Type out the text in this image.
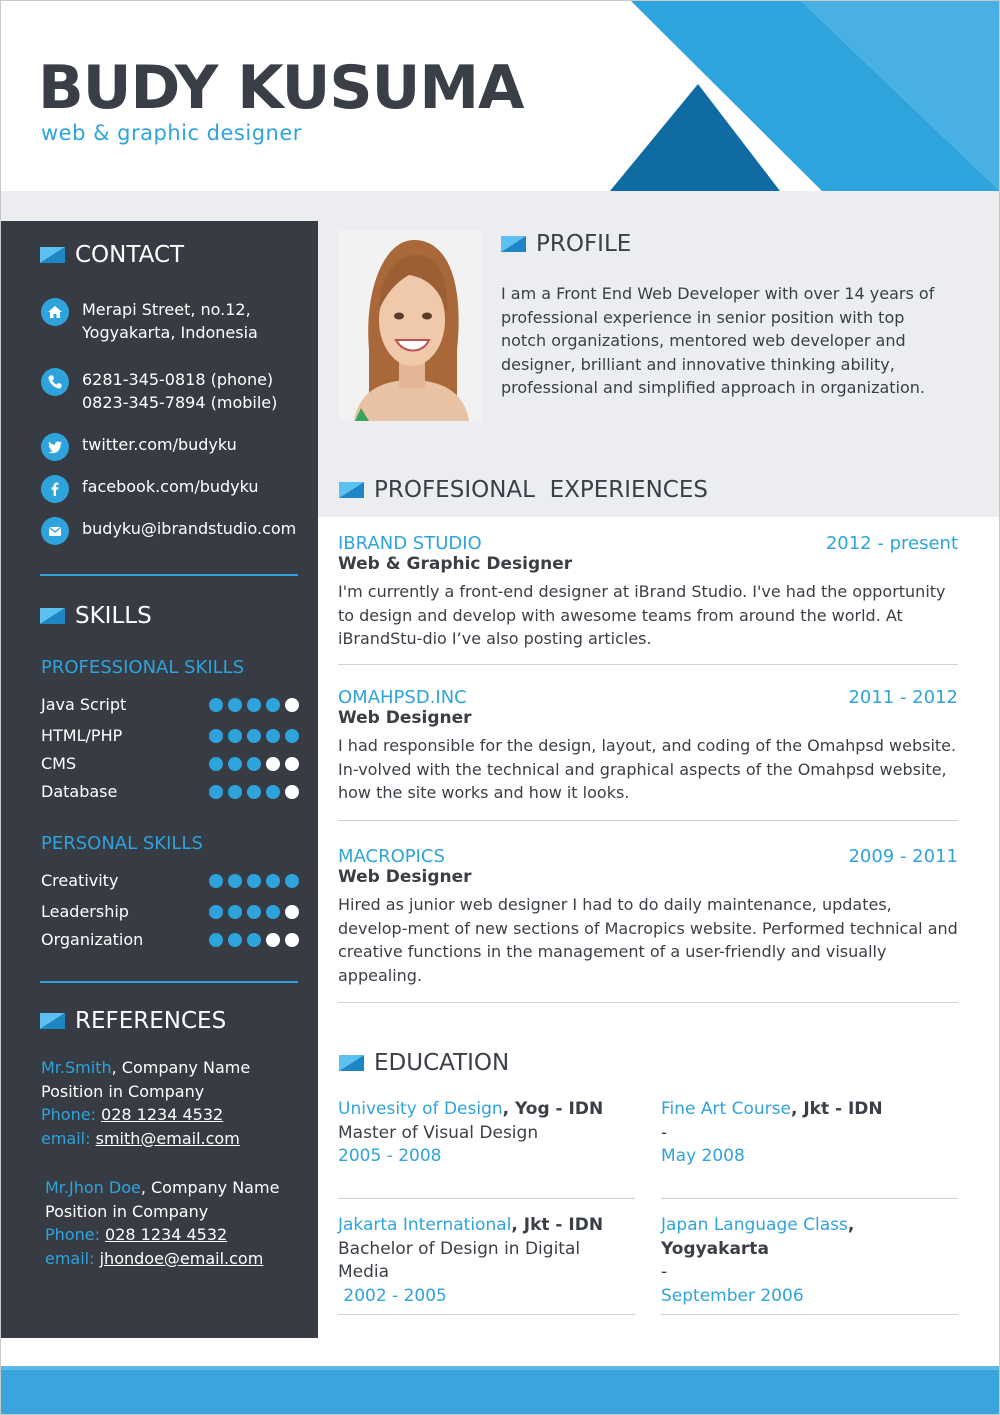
BUDY KUSUMA
web & graphic designer
CONTACT
Merapi Street, no.12,
Yogyakarta, Indonesia
6281-345-0818 (phone)
0823-345-7894 (mobile)
twitter.com/budyku
facebook.com/budyku
budyku@ibrandstudio.com
SKILLS
PROFESSIONAL SKILLS
Java Script
HTML/PHP
CMS
Database
PERSONAL SKILLS
Creativity
Leadership
Organization
REFERENCES
Mr.Smith, Company Name
Position in Company
Phone: 028 1234 4532
email: smith@email.com
Mr.Jhon Doe, Company Name
Position in Company
Phone: 028 1234 4532
email: jhondoe@email.com
PROFILE
I am a Front End Web Developer with over 14 years of professional experience in senior position with top notch organizations, mentored web developer and designer, brilliant and innovative thinking ability, professional and simplified approach in organization.
PROFESIONAL  EXPERIENCES
IBRAND STUDIO	2012 - present
Web & Graphic Designer
I'm currently a front-end designer at iBrand Studio. I've had the opportunity to design and develop with awesome teams from around the world. At iBrandStu-dio I’ve also posting articles.
OMAHPSD.INC	2011 - 2012
Web Designer
I had responsible for the design, layout, and coding of the Omahpsd website. In-volved with the technical and graphical aspects of the Omahpsd website, how the site works and how it looks.
MACROPICS	2009 - 2011
Web Designer
Hired as junior web designer I had to do daily maintenance, updates, develop-ment of new sections of Macropics website. Performed technical and creative functions in the management of a user-friendly and visually appealing.
EDUCATION
Univesity of Design, Yog - IDN
Master of Visual Design
2005 - 2008
Fine Art Course, Jkt - IDN
-
May 2008
Jakarta International, Jkt - IDN
Bachelor of Design in Digital Media
2002 - 2005
Japan Language Class, Yogyakarta
-
September 2006
